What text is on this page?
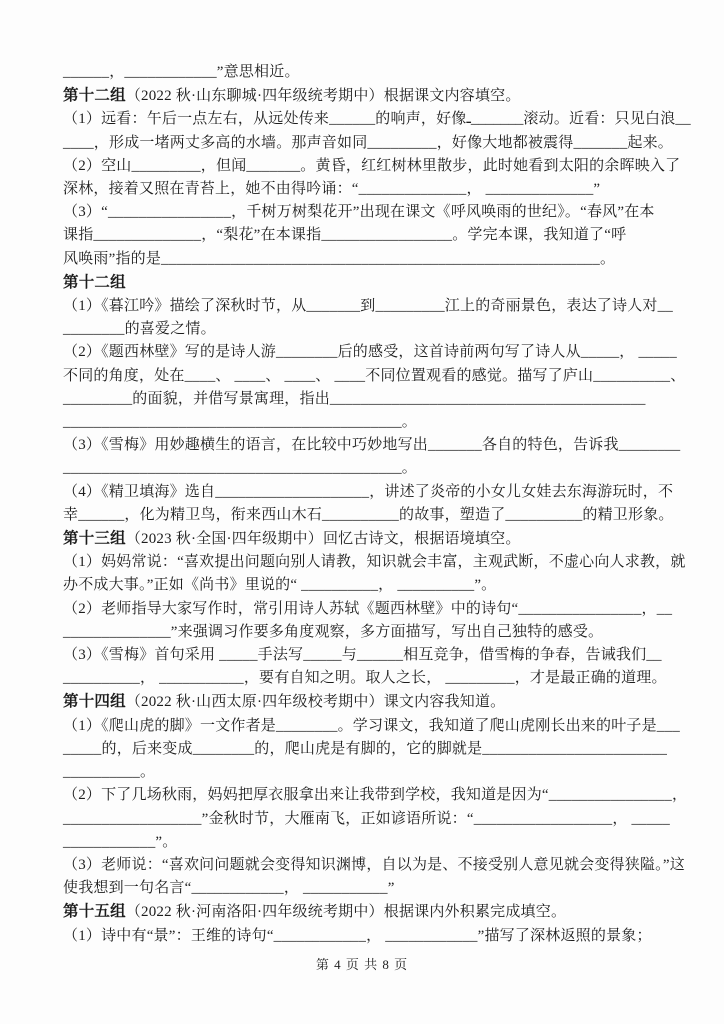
______，____________”意思相近。
第十二组（2022 秋·山东聊城·四年级统考期中）根据课文内容填空。
（1）远看：午后一点左右，从远处传来______的响声，好像ـ_______滚动。近看：只见白浪__
____，形成一堵两丈多高的水墙。那声音如同_________，好像大地都被震得_______起来。
（2）空山_________，但闻_______。黄昏，红红树林里散步，此时她看到太阳的余晖映入了
深林，接着又照在青苔上，她不由得吟诵：“______________， ______________”
（3）“________________，千树万树梨花开”出现在课文《呼风唤雨的世纪》。“春风”在本
课指______________，“梨花”在本课指_________________。学完本课，我知道了“呼
风唤雨”指的是_________________________________________________________。
第十二组
（1）《暮江吟》描绘了深秋时节，从_______到_________江上的奇丽景色，表达了诗人对__
________的喜爱之情。
（2）《题西林壁》写的是诗人游________后的感受，这首诗前两句写了诗人从_____， _____
不同的角度，处在____、 ____、 ____、 ____不同位置观看的感觉。描写了庐山__________、
_________的面貌，并借写景寓理，指出_________________________________________
____________________________________________。
（3）《雪梅》用妙趣横生的语言，在比较中巧妙地写出_______各自的特色，告诉我________
____________________________________________。
（4）《精卫填海》选自____________________，讲述了炎帝的小女儿女娃去东海游玩时，不
幸______，化为精卫鸟，衔来西山木石__________的故事，塑造了__________的精卫形象。
第十三组（2023 秋·全国·四年级期中）回忆古诗文，根据语境填空。
（1）妈妈常说：“喜欢提出问题向别人请教，知识就会丰富，主观武断，不虚心向人求教，就
办不成大事。”正如《尚书》里说的“ __________， __________”。
（2）老师指导大家写作时，常引用诗人苏轼《题西林壁》中的诗句“________________，__
______________”来强调习作要多角度观察，多方面描写，写出自己独特的感受。
（3）《雪梅》首句采用 _____手法写_____与______相互竞争，借雪梅的争春，告诫我们__
__________， ___________，要有自知之明。取人之长， _________，才是最正确的道理。
第十四组（2022 秋·山西太原·四年级校考期中）课文内容我知道。
（1）《爬山虎的脚》一文作者是________。学习课文，我知道了爬山虎刚长出来的叶子是___
_____的，后来变成________的，爬山虎是有脚的，它的脚就是________________________
__________。
（2）下了几场秋雨，妈妈把厚衣服拿出来让我带到学校，我知道是因为“________________，
__________________”金秋时节，大雁南飞，正如谚语所说：“__________________， _____
____________”。
（3）老师说：“喜欢问问题就会变得知识渊博，自以为是、不接受别人意见就会变得狭隘。”这
使我想到一句名言“____________， ___________”
第十五组（2022 秋·河南洛阳·四年级统考期中）根据课内外积累完成填空。
（1）诗中有“景”：王维的诗句“____________， ____________”描写了深林返照的景象；
第 4 页 共 8 页
